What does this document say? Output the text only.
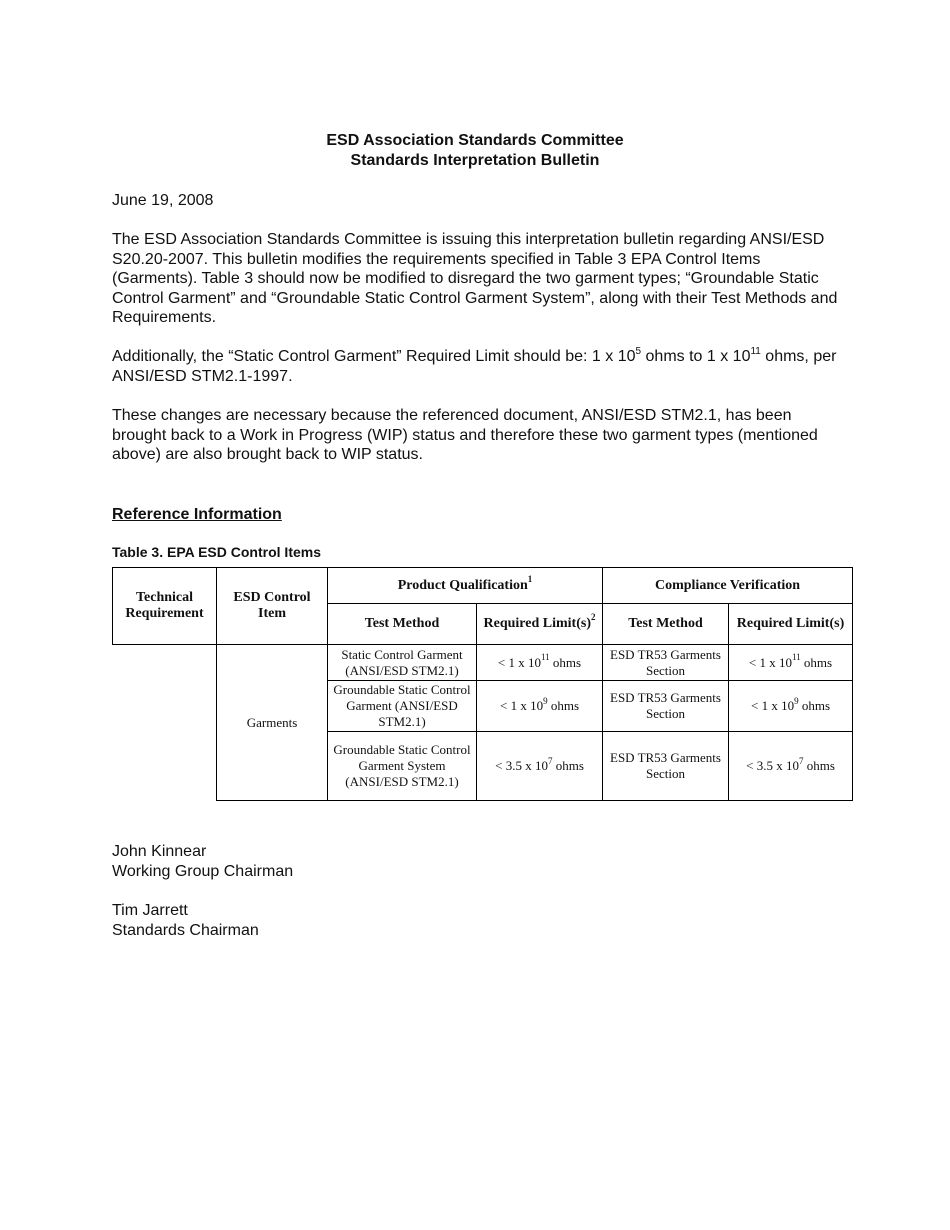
ESD Association Standards Committee
Standards Interpretation Bulletin
June 19, 2008

The ESD Association Standards Committee is issuing this interpretation bulletin regarding ANSI/ESD S20.20-2007. This bulletin modifies the requirements specified in Table 3 EPA Control Items (Garments). Table 3 should now be modified to disregard the two garment types; “Groundable Static Control Garment” and “Groundable Static Control Garment System”, along with their Test Methods and Requirements.

Additionally, the “Static Control Garment” Required Limit should be: 1 x $10^5$ ohms to 1 x $10^{11}$ ohms, per ANSI/ESD STM2.1-1997.

These changes are necessary because the referenced document, ANSI/ESD STM2.1, has been brought back to a Work in Progress (WIP) status and therefore these two garment types (mentioned above) are also brought back to WIP status.

Reference Information
Table 3. EPA ESD Control Items
Technical Requirement	ESD Control Item	Product Qualification$^1$		Compliance Verification	
		Test Method	Required $Limit(s)^2$	Test Method	Required Limit(s)
	Garments	Static Control Garment (ANSI/ESD STM2.1)	< 1 x $10^{11}$ ohms	ESD TR53 Garments Section	< 1 x $10^{11}$ ohms
		Groundable Static Control Garment (ANSI/ESD STM2.1)	< 1 x $10^9$ ohms	ESD TR53 Garments Section	< 1 x $10^9$ ohms
		Groundable Static Control Garment System (ANSI/ESD STM2.1)	< 3.5 x $10^7$ ohms	ESD TR53 Garments Section	< 3.5 x $10^7$ ohms
John Kinnear
Working Group Chairman
Tim Jarrett
Standards Chairman
